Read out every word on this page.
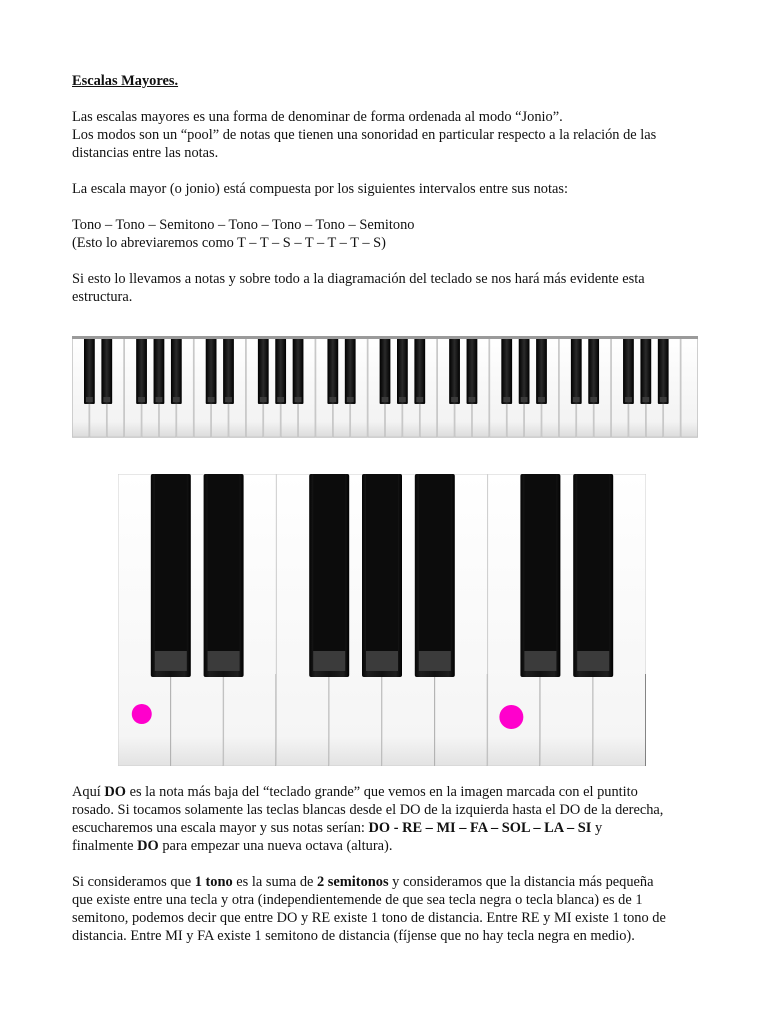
Escalas Mayores.

Las escalas mayores es una forma de denominar de forma ordenada al modo “Jonio”.

Los modos son un “pool” de notas que tienen una sonoridad en particular respecto a la relación de las

distancias entre las notas.

La escala mayor (o jonio) está compuesta por los siguientes intervalos entre sus notas:

Tono – Tono – Semitono – Tono – Tono – Tono – Semitono

(Esto lo abreviaremos como T – T – S – T – T – T – S)

Si esto lo llevamos a notas y sobre todo a la diagramación del teclado se nos hará más evidente esta

estructura.

Aquí DO es la nota más baja del “teclado grande” que vemos en la imagen marcada con el puntito

rosado. Si tocamos solamente las teclas blancas desde el DO de la izquierda hasta el DO de la derecha,

escucharemos una escala mayor y sus notas serían: DO - RE – MI – FA – SOL – LA – SI y

finalmente DO para empezar una nueva octava (altura).

Si consideramos que 1 tono es la suma de 2 semitonos y consideramos que la distancia más pequeña

que existe entre una tecla y otra (independientemende de que sea tecla negra o tecla blanca) es de 1

semitono, podemos decir que entre DO y RE existe 1 tono de distancia. Entre RE y MI existe 1 tono de

distancia. Entre MI y FA existe 1 semitono de distancia (fíjense que no hay tecla negra en medio).
